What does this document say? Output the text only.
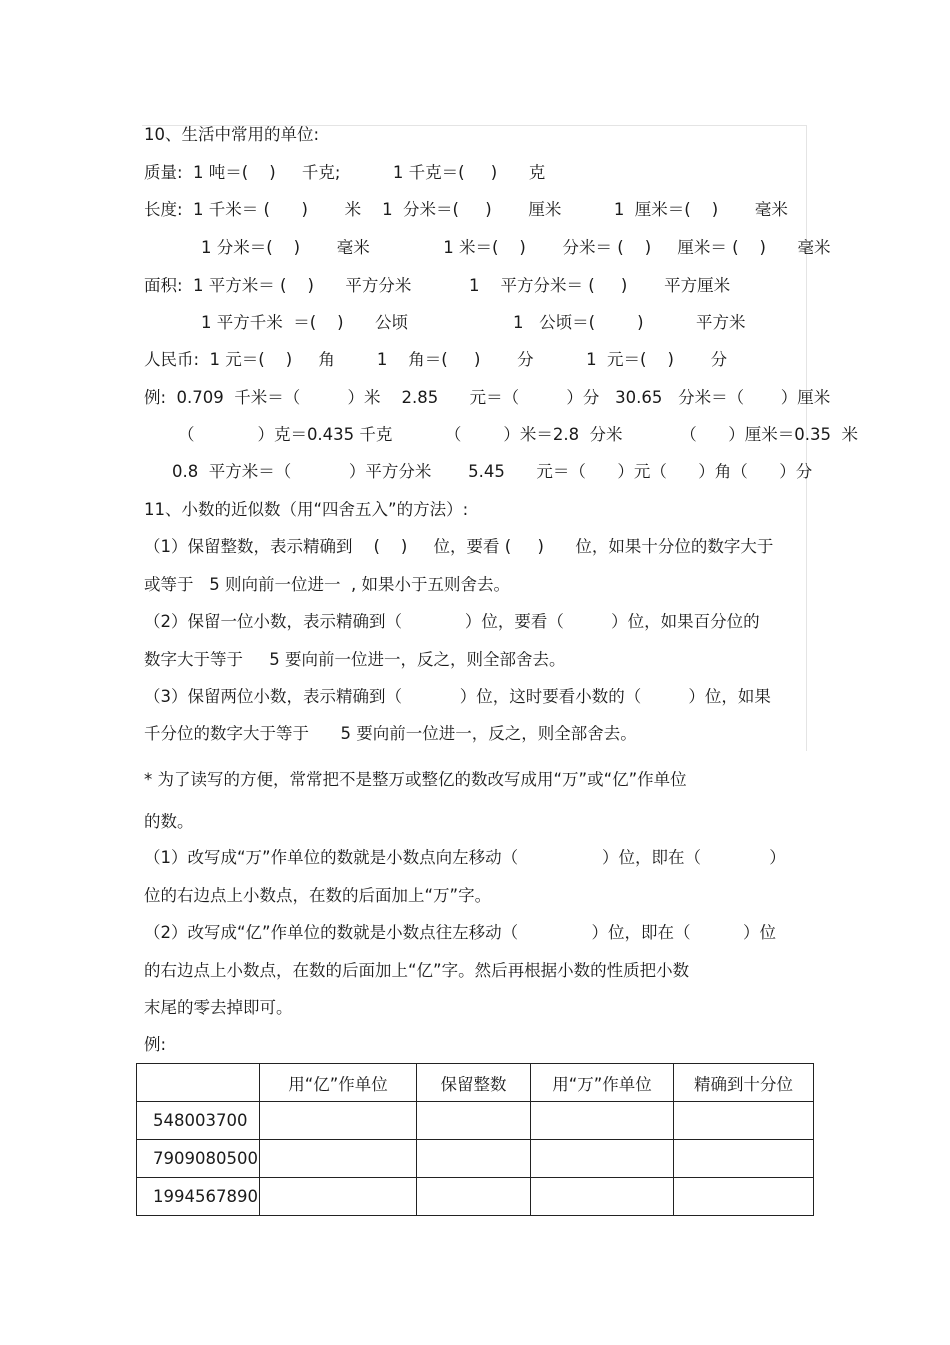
10、生活中常用的单位:
质量:  1 吨＝(    )     千克;          1 千克＝(     )      克
长度:  1 千米＝ (      )       米    1  分米＝(     )       厘米          1  厘米＝(    )       毫米
1 分米＝(    )       毫米              1 米＝(    )       分米＝ (    )     厘米＝ (    )      毫米
面积:  1 平方米＝ (    )      平方分米           1    平方分米＝ (     )       平方厘米
1 平方千米  ＝(    )      公顷                    1   公顷＝(        )          平方米
人民币:  1 元＝(    )     角        1    角＝(     )       分          1  元＝(    )       分
例:  0.709  千米＝（         ）米    2.85      元＝（         ）分   30.65   分米＝（       ）厘米
（            ）克＝0.435 千克          （        ）米＝2.8  分米           （      ）厘米＝0.35  米
0.8  平方米＝（           ）平方分米       5.45      元＝（      ）元（      ）角（      ）分
11、小数的近似数（用“四舍五入”的方法）:
（1）保留整数，表示精确到    (    )     位，要看 (     )      位，如果十分位的数字大于
或等于   5 则向前一位进一  , 如果小于五则舍去。
（2）保留一位小数，表示精确到（            ）位，要看（         ）位，如果百分位的
数字大于等于     5 要向前一位进一，反之，则全部舍去。
（3）保留两位小数，表示精确到（           ）位，这时要看小数的（         ）位，如果
千分位的数字大于等于      5 要向前一位进一，反之，则全部舍去。
* 为了读写的方便，常常把不是整万或整亿的数改写成用“万”或“亿”作单位
的数。
（1）改写成“万”作单位的数就是小数点向左移动（                ）位，即在（             ）
位的右边点上小数点，在数的后面加上“万”字。
（2）改写成“亿”作单位的数就是小数点往左移动（              ）位，即在（          ）位
的右边点上小数点，在数的后面加上“亿”字。然后再根据小数的性质把小数
末尾的零去掉即可。
例:
	用“亿”作单位	保留整数	用“万”作单位	精确到十分位
548003700				
7909080500				
1994567890				
